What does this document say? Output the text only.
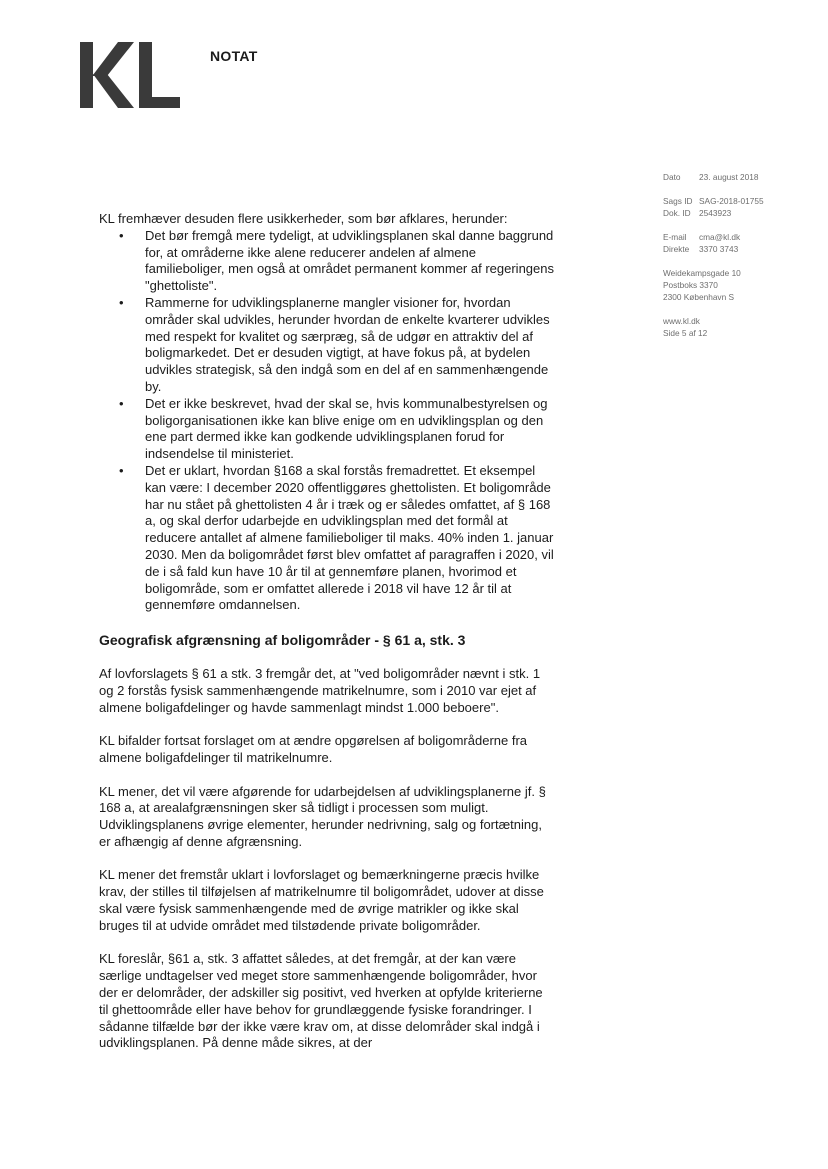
NOTAT
Dato	23. august 2018
Sags ID SAG-2018-01755
Dok. ID	2543923
E-mail	cma@kl.dk
Direkte	3370 3743
Weidekampsgade 10
Postboks 3370
2300 København S
www.kl.dk
Side 5 af 12

KL fremhæver desuden flere usikkerheder, som bør afklares, herunder:

• Det bør fremgå mere tydeligt, at udviklingsplanen skal danne baggrund for, at områderne ikke alene reducerer andelen af almene familieboliger, men også at området permanent kommer af regeringens "ghettoliste".
• Rammerne for udviklingsplanerne mangler visioner for, hvordan områder skal udvikles, herunder hvordan de enkelte kvarterer udvikles med respekt for kvalitet og særpræg, så de udgør en attraktiv del af boligmarkedet. Det er desuden vigtigt, at have fokus på, at bydelen udvikles strategisk, så den indgå som en del af en sammenhængende by.
• Det er ikke beskrevet, hvad der skal se, hvis kommunalbestyrelsen og boligorganisationen ikke kan blive enige om en udviklingsplan og den ene part dermed ikke kan godkende udviklingsplanen forud for indsendelse til ministeriet.
• Det er uklart, hvordan §168 a skal forstås fremadrettet. Et eksempel kan være: I december 2020 offentliggøres ghettolisten. Et boligområde har nu stået på ghettolisten 4 år i træk og er således omfattet, af § 168 a, og skal derfor udarbejde en udviklingsplan med det formål at reducere antallet af almene familieboliger til maks. 40% inden 1. januar 2030. Men da boligområdet først blev omfattet af paragraffen i 2020, vil de i så fald kun have 10 år til at gennemføre planen, hvorimod et boligområde, som er omfattet allerede i 2018 vil have 12 år til at gennemføre omdannelsen.
Geografisk afgrænsning af boligområder - § 61 a, stk. 3

Af lovforslagets § 61 a stk. 3 fremgår det, at "ved boligområder nævnt i stk. 1 og 2 forstås fysisk sammenhængende matrikelnumre, som i 2010 var ejet af almene boligafdelinger og havde sammenlagt mindst 1.000 beboere".

KL bifalder fortsat forslaget om at ændre opgørelsen af boligområderne fra almene boligafdelinger til matrikelnumre.

KL mener, det vil være afgørende for udarbejdelsen af udviklingsplanerne jf. § 168 a, at arealafgrænsningen sker så tidligt i processen som muligt. Udviklingsplanens øvrige elementer, herunder nedrivning, salg og fortætning, er afhængig af denne afgrænsning.

KL mener det fremstår uklart i lovforslaget og bemærkningerne præcis hvilke krav, der stilles til tilføjelsen af matrikelnumre til boligområdet, udover at disse skal være fysisk sammenhængende med de øvrige matrikler og ikke skal bruges til at udvide området med tilstødende private boligområder.

KL foreslår, §61 a, stk. 3 affattet således, at det fremgår, at der kan være særlige undtagelser ved meget store sammenhængende boligområder, hvor der er delområder, der adskiller sig positivt, ved hverken at opfylde kriterierne til ghettoområde eller have behov for grundlæggende fysiske forandringer. I sådanne tilfælde bør der ikke være krav om, at disse delområder skal indgå i udviklingsplanen. På denne måde sikres, at der
